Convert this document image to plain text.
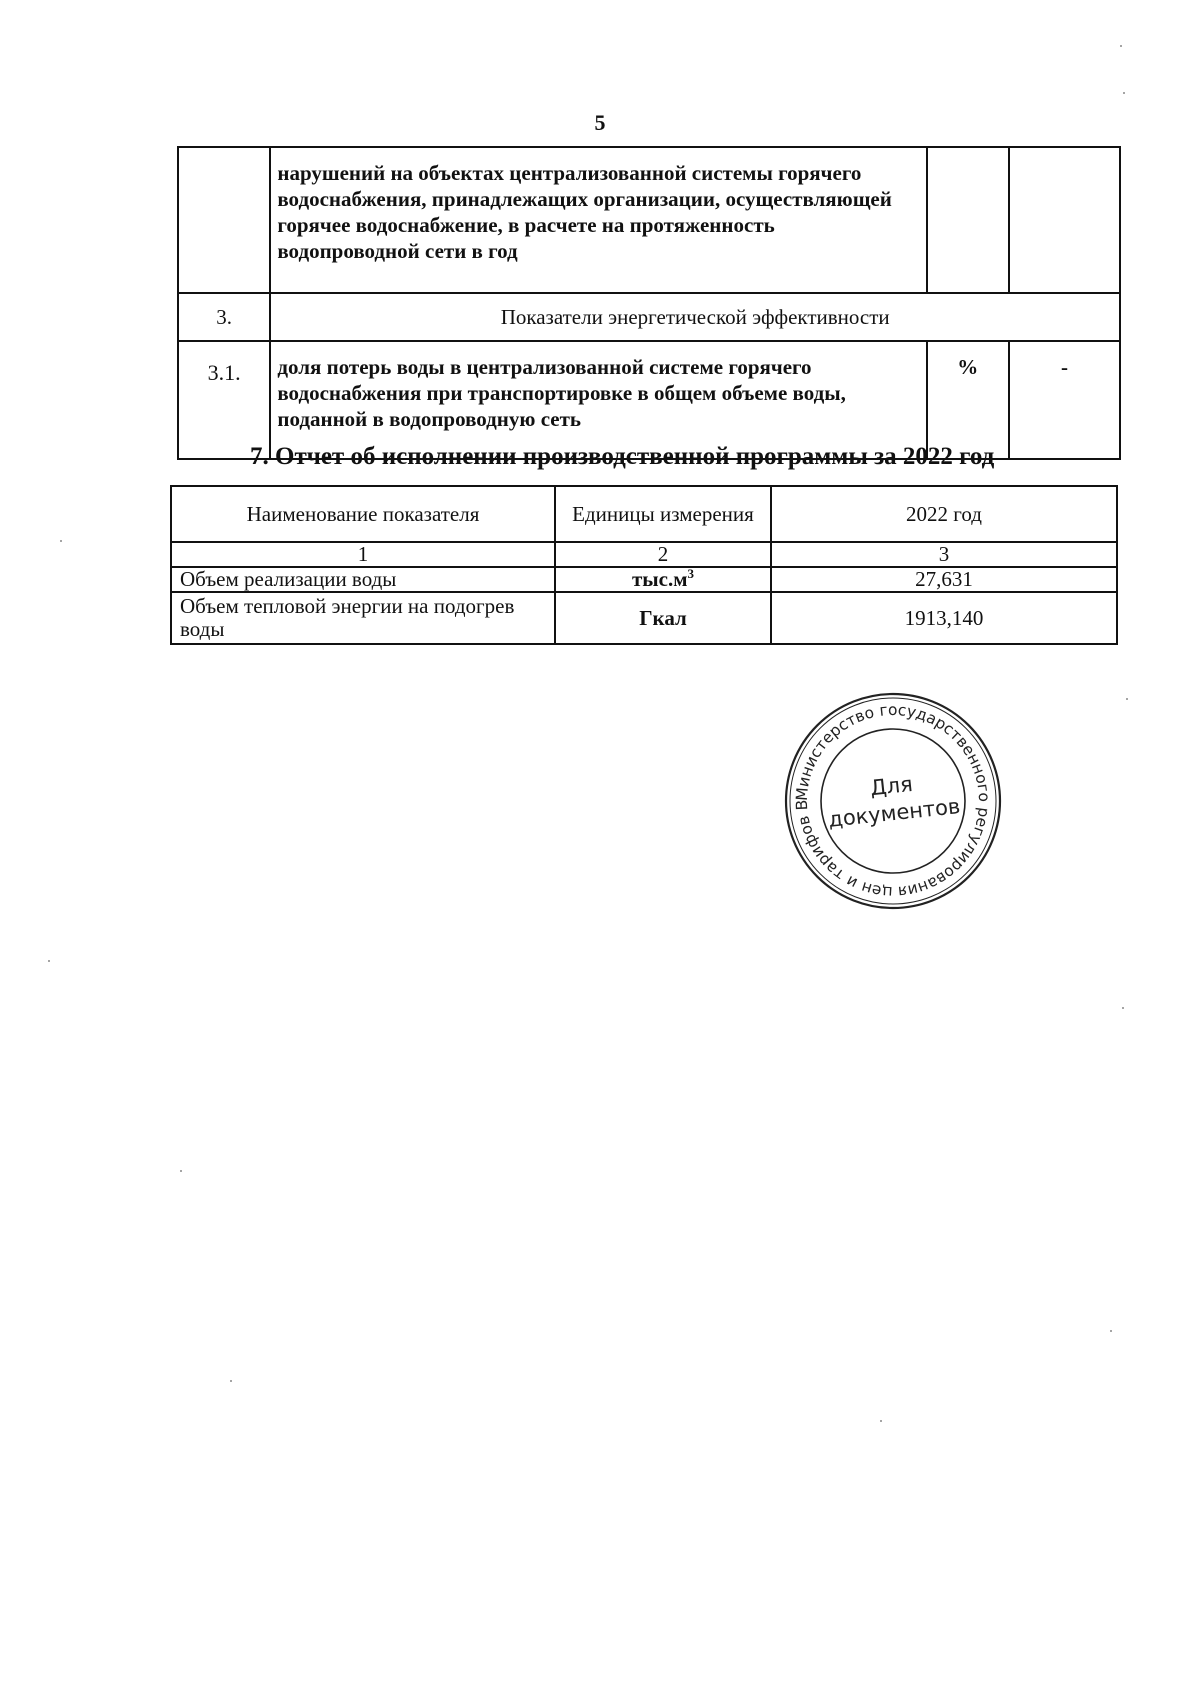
5
	нарушений на объектах централизованной системы горячего водоснабжения, принадлежащих организации, осуществляющей горячее водоснабжение, в расчете на протяженность водопроводной сети в год		
3.	Показатели энергетической эффективности		
3.1.	доля потерь воды в централизованной системе горячего водоснабжения при транспортировке в общем объеме воды, поданной в водопроводную сеть	%	-
7. Отчет об исполнении производственной программы за 2022 год
Наименование показателя	Единицы измерения	2022 год
1	2	3
Объем реализации воды	$тыс.м^3$	27,631
Объем тепловой энергии на подогрев воды	Гкал	1913,140
Министерство государственного регулирования цен и тарифов В
Для
документов
